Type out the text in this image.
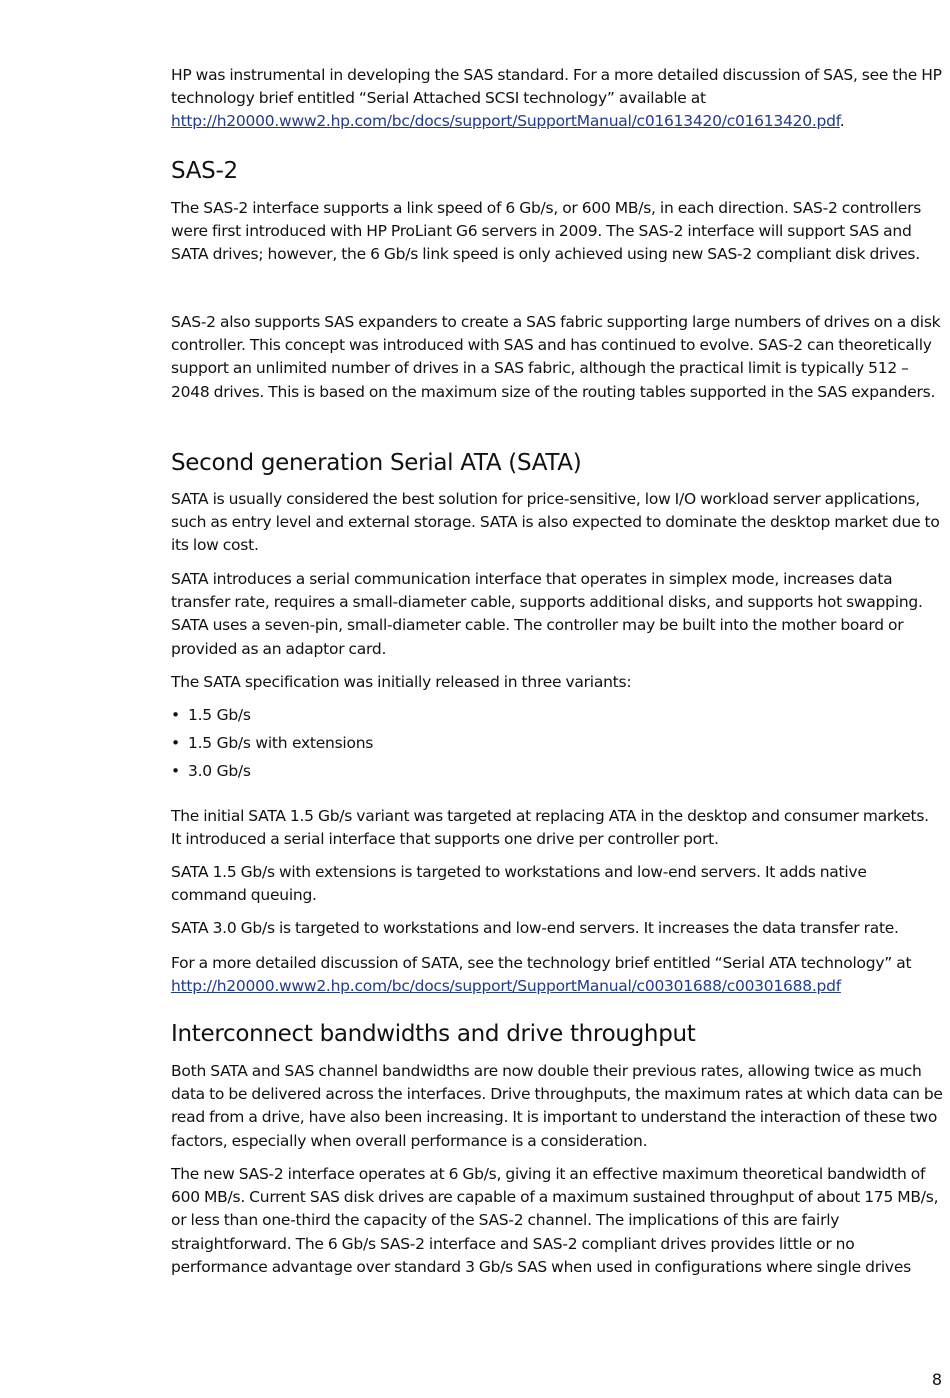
HP was instrumental in developing the SAS standard. For a more detailed discussion of SAS, see the HP technology brief entitled “Serial Attached SCSI technology” available at http://h20000.www2.hp.com/bc/docs/support/SupportManual/c01613420/c01613420.pdf.

SAS-2

The SAS-2 interface supports a link speed of 6 Gb/s, or 600 MB/s, in each direction. SAS-2 controllers were first introduced with HP ProLiant G6 servers in 2009. The SAS-2 interface will support SAS and SATA drives; however, the 6 Gb/s link speed is only achieved using new SAS-2 compliant disk drives.

SAS-2 also supports SAS expanders to create a SAS fabric supporting large numbers of drives on a disk controller. This concept was introduced with SAS and has continued to evolve. SAS-2 can theoretically support an unlimited number of drives in a SAS fabric, although the practical limit is typically 512 – 2048 drives. This is based on the maximum size of the routing tables supported in the SAS expanders.

Second generation Serial ATA (SATA)

SATA is usually considered the best solution for price-sensitive, low I/O workload server applications, such as entry level and external storage. SATA is also expected to dominate the desktop market due to its low cost.

SATA introduces a serial communication interface that operates in simplex mode, increases data transfer rate, requires a small-diameter cable, supports additional disks, and supports hot swapping. SATA uses a seven-pin, small-diameter cable. The controller may be built into the mother board or provided as an adaptor card.

The SATA specification was initially released in three variants:

• 1.5 Gb/s
• 1.5 Gb/s with extensions
• 3.0 Gb/s

The initial SATA 1.5 Gb/s variant was targeted at replacing ATA in the desktop and consumer markets. It introduced a serial interface that supports one drive per controller port.

SATA 1.5 Gb/s with extensions is targeted to workstations and low-end servers. It adds native command queuing.

SATA 3.0 Gb/s is targeted to workstations and low-end servers. It increases the data transfer rate.

For a more detailed discussion of SATA, see the technology brief entitled “Serial ATA technology” at http://h20000.www2.hp.com/bc/docs/support/SupportManual/c00301688/c00301688.pdf

Interconnect bandwidths and drive throughput

Both SATA and SAS channel bandwidths are now double their previous rates, allowing twice as much data to be delivered across the interfaces. Drive throughputs, the maximum rates at which data can be read from a drive, have also been increasing. It is important to understand the interaction of these two factors, especially when overall performance is a consideration.

The new SAS-2 interface operates at 6 Gb/s, giving it an effective maximum theoretical bandwidth of 600 MB/s. Current SAS disk drives are capable of a maximum sustained throughput of about 175 MB/s, or less than one-third the capacity of the SAS-2 channel. The implications of this are fairly straightforward. The 6 Gb/s SAS-2 interface and SAS-2 compliant drives provides little or no performance advantage over standard 3 Gb/s SAS when used in configurations where single drives

8
